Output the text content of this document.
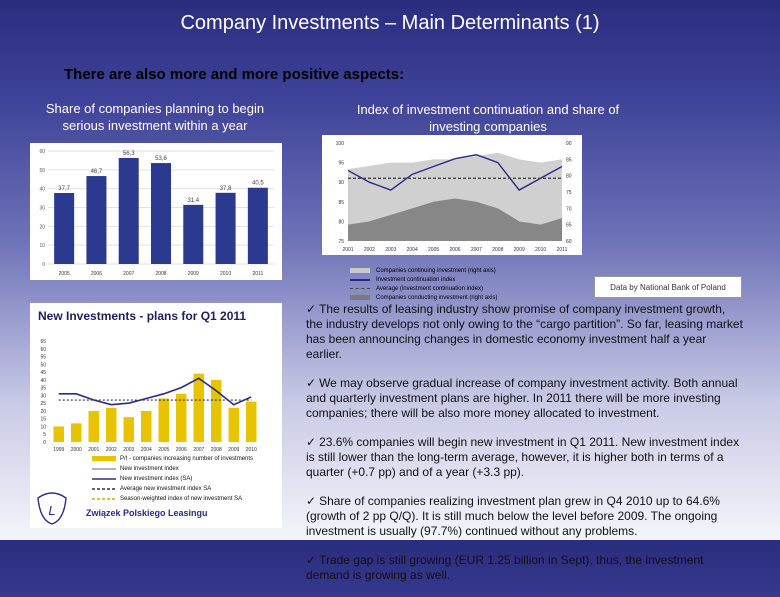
Company Investments – Main Determinants (1)
There are also more and more positive aspects:
Share of companies planning to begin serious investment within a year
Index of investment continuation and share of investing companies
0
10
20
30
40
50
60
37,7
2005
46,7
2006
56,3
2007
53,6
2008
31,4
2009
37,8
2010
40,5
2011
100
95
90
85
80
75
90
85
80
75
70
65
60
2001 2002 2003 2004 2005 2006 2007 2008 2009 2010 2011
Companies continuing investment (right axis)
Investment continuation index
Average (investment continuation index)
Companies conducting investment (right axis)
Data by National Bank of Poland
New Investments - plans for Q1 2011
65
60
55
50
45
40
35
30
25
20
15
10
5
0
1999 2000 2001 2002 2003 2004 2005 2006 2007 2008 2009 2010
P/I - companies increasing number of investments
New investment index
New investment index (SA)
Average new investment index SA
Season-weighted index of new investment SA
L	Związek Polskiego Leasingu
✓ The results of leasing industry show promise of company investment growth, the industry develops not only owing to the “cargo partition”. So far, leasing market has been announcing changes in domestic economy investment half a year earlier.
✓ We may observe gradual increase of company investment activity. Both annual and quarterly investment plans are higher. In 2011 there will be more investing companies; there will be also more money allocated to investment.
✓ 23.6% companies will begin new investment in Q1 2011. New investment index is still lower than the long-term average, however, it is higher both in terms of a quarter (+0.7 pp) and of a year (+3.3 pp).
✓ Share of companies realizing investment plan grew in Q4 2010 up to 64.6% (growth of 2 pp Q/Q). It is still much below the level before 2009. The ongoing investment is usually (97.7%) continued without any problems.
✓ Trade gap is still growing (EUR 1.25 billion in Sept), thus, the investment demand is growing as well.
